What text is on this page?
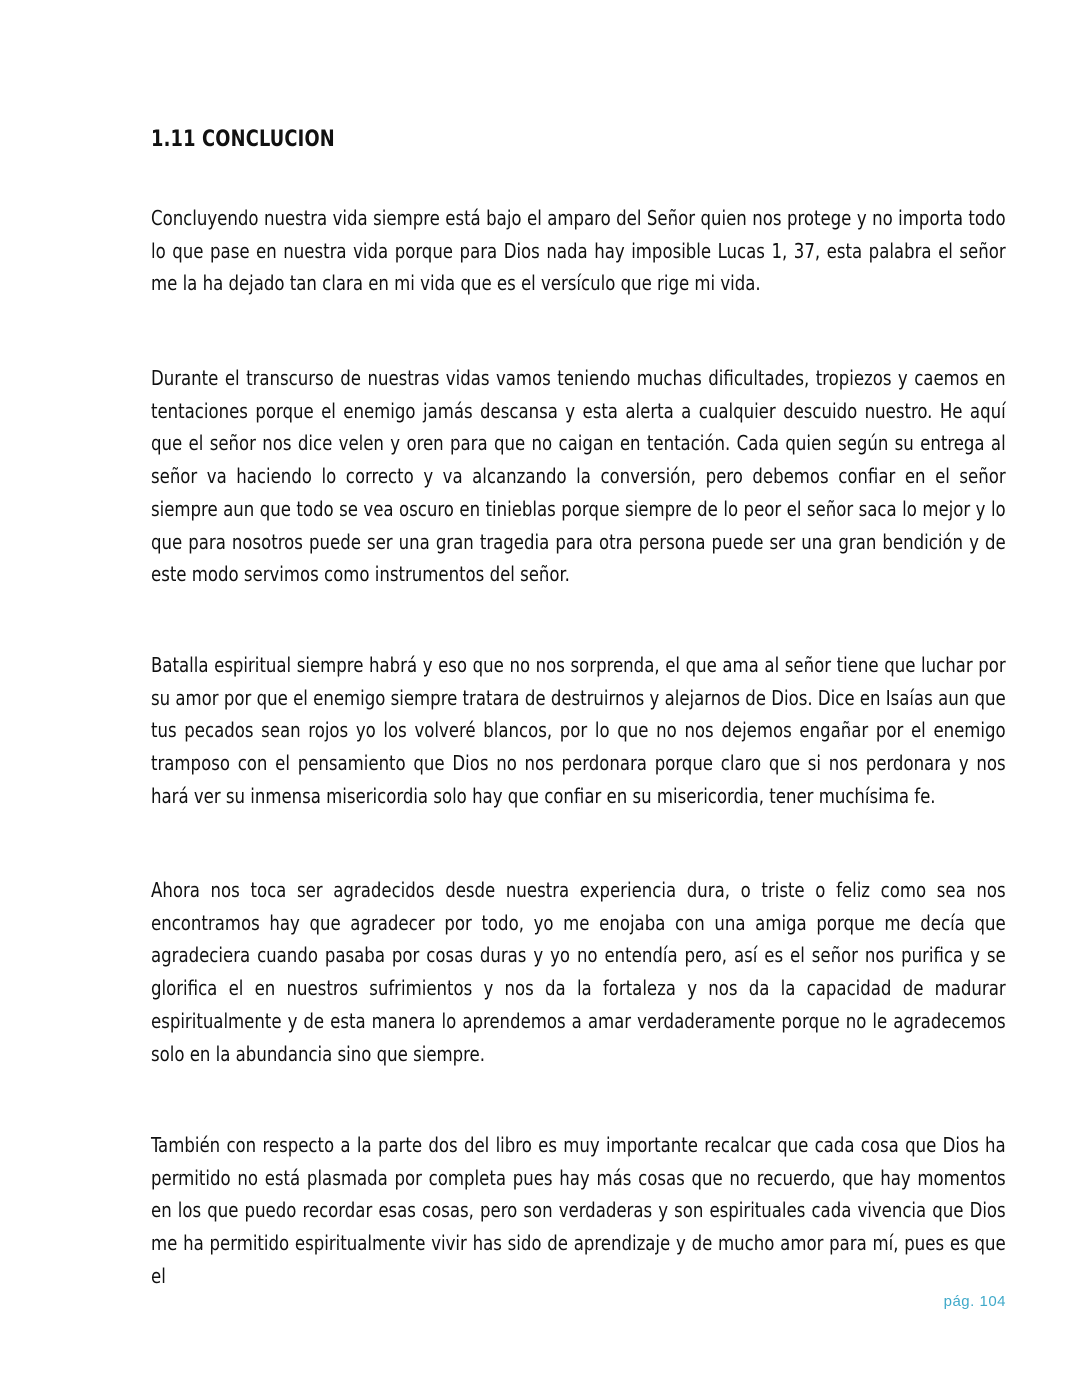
1.11 CONCLUCION

Concluyendo nuestra vida siempre está bajo el amparo del Señor quien nos protege y no importa todo lo que pase en nuestra vida porque para Dios nada hay imposible Lucas 1, 37, esta palabra el señor me la ha dejado tan clara en mi vida que es el versículo que rige mi vida.

Durante el transcurso de nuestras vidas vamos teniendo muchas dificultades, tropiezos y caemos en tentaciones porque el enemigo jamás descansa y esta alerta a cualquier descuido nuestro. He aquí que el señor nos dice velen y oren para que no caigan en tentación. Cada quien según su entrega al señor va haciendo lo correcto y va alcanzando la conversión, pero debemos confiar en el señor siempre aun que todo se vea oscuro en tinieblas porque siempre de lo peor el señor saca lo mejor y lo que para nosotros puede ser una gran tragedia para otra persona puede ser una gran bendición y de este modo servimos como instrumentos del señor.

Batalla espiritual siempre habrá y eso que no nos sorprenda, el que ama al señor tiene que luchar por su amor por que el enemigo siempre tratara de destruirnos y alejarnos de Dios. Dice en Isaías aun que tus pecados sean rojos yo los volveré blancos, por lo que no nos dejemos engañar por el enemigo tramposo con el pensamiento que Dios no nos perdonara porque claro que si nos perdonara y nos hará ver su inmensa misericordia solo hay que confiar en su misericordia, tener muchísima fe.

Ahora nos toca ser agradecidos desde nuestra experiencia dura, o triste o feliz como sea nos encontramos hay que agradecer por todo, yo me enojaba con una amiga porque me decía que agradeciera cuando pasaba por cosas duras y yo no entendía pero, así es el señor nos purifica y se glorifica el en nuestros sufrimientos y nos da la fortaleza y nos da la capacidad de madurar espiritualmente y de esta manera lo aprendemos a amar verdaderamente porque no le agradecemos solo en la abundancia sino que siempre.

También con respecto a la parte dos del libro es muy importante recalcar que cada cosa que Dios ha permitido no está plasmada por completa pues hay más cosas que no recuerdo, que hay momentos en los que puedo recordar esas cosas, pero son verdaderas y son espirituales cada vivencia que Dios me ha permitido espiritualmente vivir has sido de aprendizaje y de mucho amor para mí, pues es que el

pág. 104
